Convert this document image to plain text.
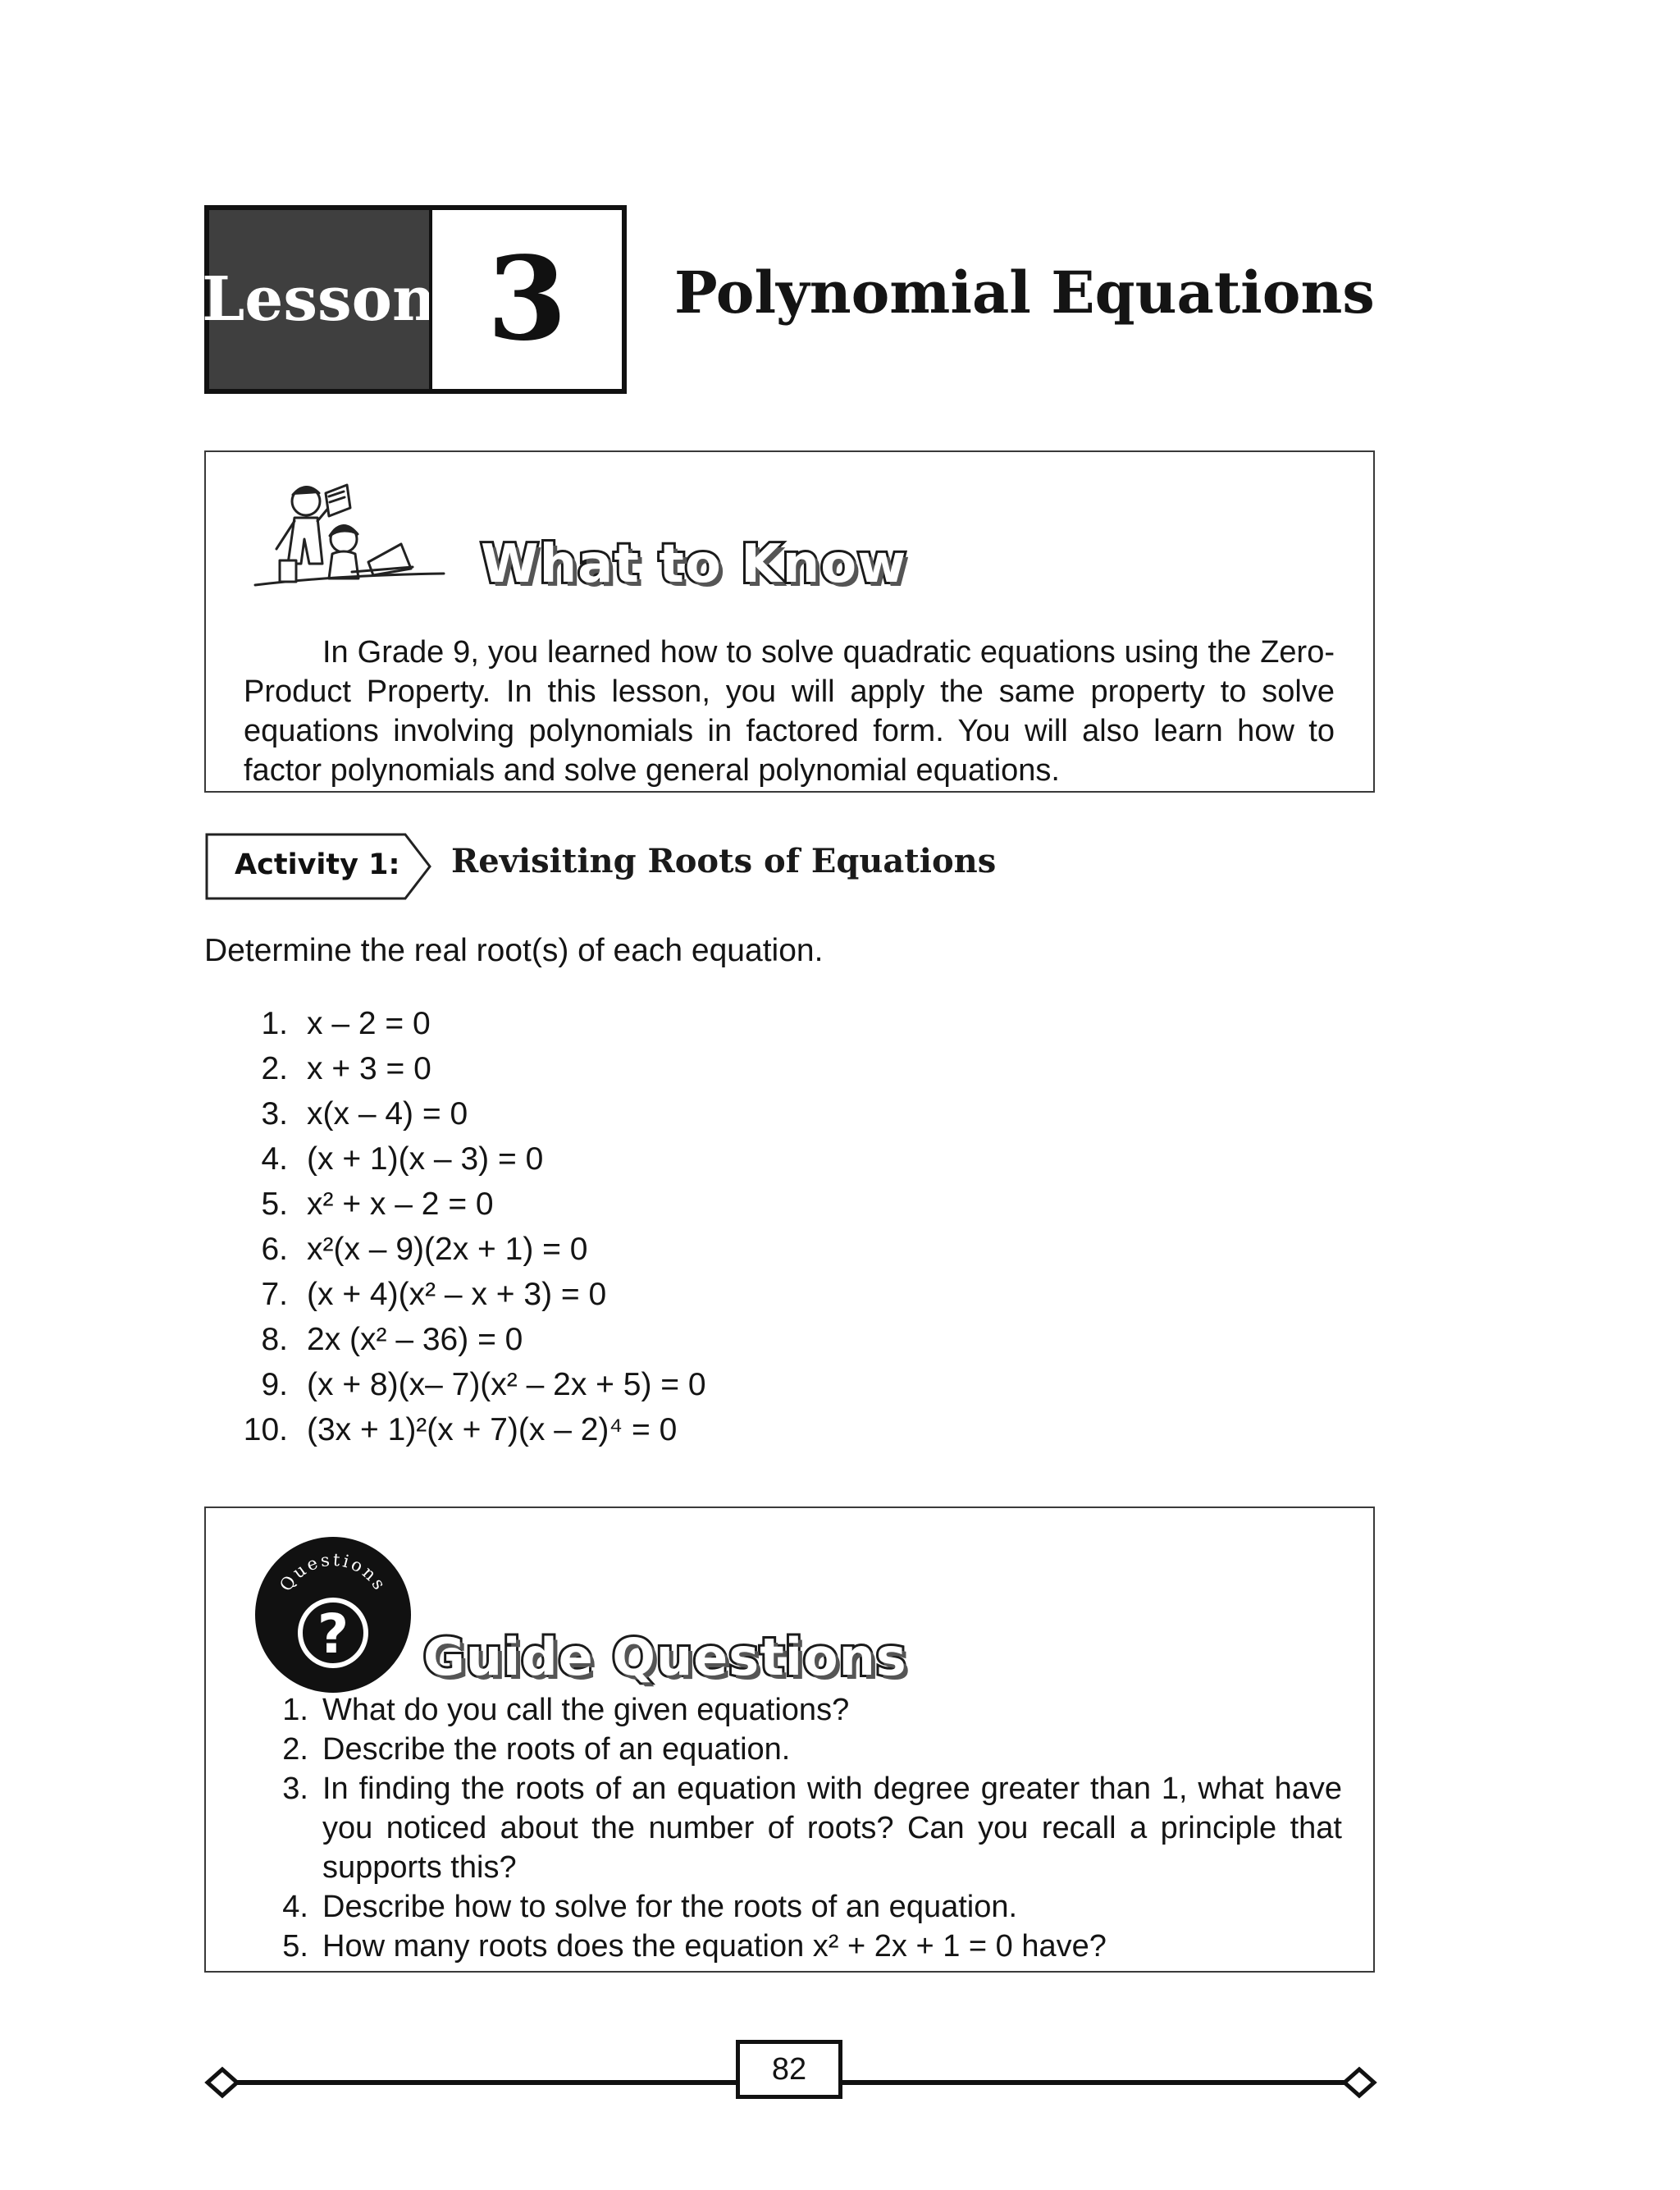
Lesson 3	Polynomial Equations
What to Know

In Grade 9, you learned how to solve quadratic equations using the Zero-Product Property. In this lesson, you will apply the same property to solve equations involving polynomials in factored form. You will also learn how to factor polynomials and solve general polynomial equations.

Activity 1: Revisiting Roots of Equations

Determine the real root(s) of each equation.

1. x – 2 = 0
2. x + 3 = 0
3. x(x – 4) = 0
4. (x + 1)(x – 3) = 0
5. x² + x – 2 = 0
6. x²(x – 9)(2x + 1) = 0
7. (x + 4)(x² – x + 3) = 0
8. 2x (x² – 36) = 0
9. (x + 8)(x– 7)(x² – 2x + 5) = 0
10. (3x + 1)²(x + 7)(x – 2)⁴ = 0
Questions
? Guide Questions
1. What do you call the given equations?
2. Describe the roots of an equation.
3. In finding the roots of an equation with degree greater than 1, what have you noticed about the number of roots? Can you recall a principle that supports this?
4. Describe how to solve for the roots of an equation.
5. How many roots does the equation x² + 2x + 1 = 0 have?
82
